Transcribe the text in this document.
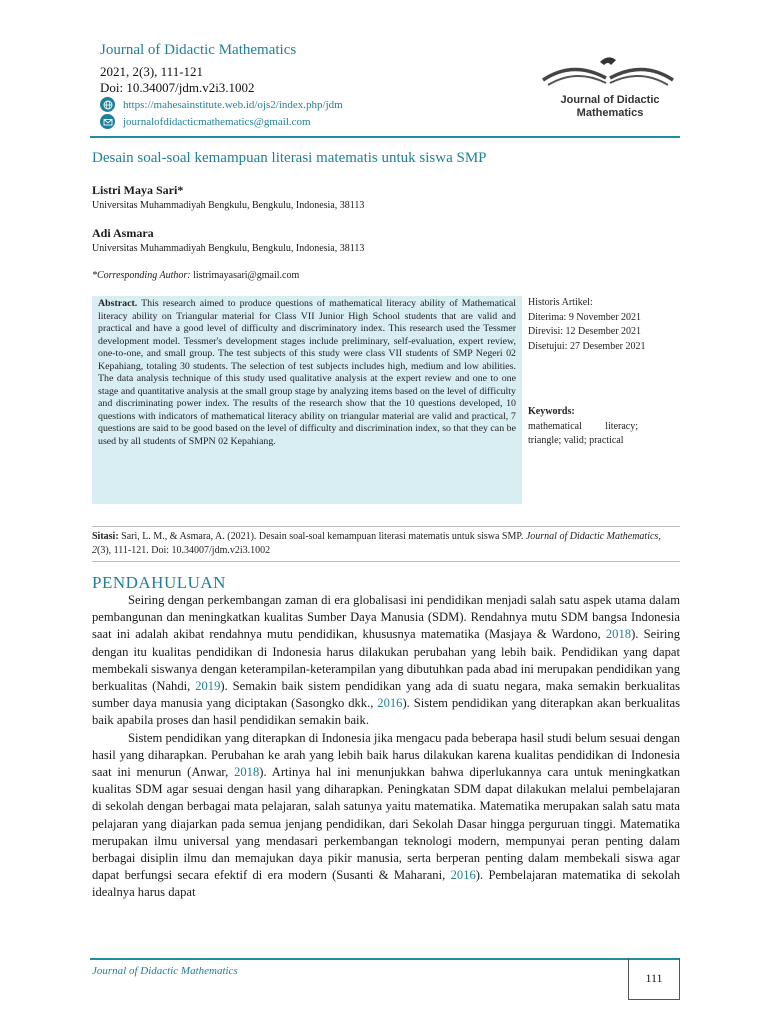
Journal of Didactic Mathematics
2021, 2(3), 111-121
Doi: 10.34007/jdm.v2i3.1002
https://mahesainstitute.web.id/ojs2/index.php/jdm
journalofdidacticmathematics@gmail.com
Journal of Didactic
Mathematics
Desain soal-soal kemampuan literasi matematis untuk siswa SMP
Listri Maya Sari*
Universitas Muhammadiyah Bengkulu, Bengkulu, Indonesia, 38113
Adi Asmara
Universitas Muhammadiyah Bengkulu, Bengkulu, Indonesia, 38113
*Corresponding Author: listrimayasari@gmail.com
Abstract. This research aimed to produce questions of mathematical literacy ability of Mathematical literacy ability on Triangular material for Class VII Junior High School students that are valid and practical and have a good level of difficulty and discriminatory index. This research used the Tessmer development model. Tessmer's development stages include preliminary, self-evaluation, expert review, one-to-one, and small group. The test subjects of this study were class VII students of SMP Negeri 02 Kepahiang, totaling 30 students. The selection of test subjects includes high, medium and low abilities. The data analysis technique of this study used qualitative analysis at the expert review and one to one stage and quantitative analysis at the small group stage by analyzing items based on the level of difficulty and discriminating power index. The results of the research show that the 10 questions developed, 10 questions with indicators of mathematical literacy ability on triangular material are valid and practical, 7 questions are said to be good based on the level of difficulty and discrimination index, so that they can be used by all students of SMPN 02 Kepahiang.
Historis Artikel:
Diterima: 9 November 2021
Direvisi: 12 Desember 2021
Disetujui: 27 Desember 2021
Keywords:
mathematical literacy; triangle; valid; practical
Sitasi: Sari, L. M., & Asmara, A. (2021). Desain soal-soal kemampuan literasi matematis untuk siswa SMP. Journal of Didactic Mathematics, 2(3), 111-121. Doi: 10.34007/jdm.v2i3.1002
PENDAHULUAN

Seiring dengan perkembangan zaman di era globalisasi ini pendidikan menjadi salah satu aspek utama dalam pembangunan dan meningkatkan kualitas Sumber Daya Manusia (SDM). Rendahnya mutu SDM bangsa Indonesia saat ini adalah akibat rendahnya mutu pendidikan, khususnya matematika (Masjaya & Wardono, 2018). Seiring dengan itu kualitas pendidikan di Indonesia harus dilakukan perubahan yang lebih baik. Pendidikan yang dapat membekali siswanya dengan keterampilan-keterampilan yang dibutuhkan pada abad ini merupakan pendidikan yang berkualitas (Nahdi, 2019). Semakin baik sistem pendidikan yang ada di suatu negara, maka semakin berkualitas sumber daya manusia yang diciptakan (Sasongko dkk., 2016). Sistem pendidikan yang diterapkan akan berkualitas baik apabila proses dan hasil pendidikan semakin baik.

Sistem pendidikan yang diterapkan di Indonesia jika mengacu pada beberapa hasil studi belum sesuai dengan hasil yang diharapkan. Perubahan ke arah yang lebih baik harus dilakukan karena kualitas pendidikan di Indonesia saat ini menurun (Anwar, 2018). Artinya hal ini menunjukkan bahwa diperlukannya cara untuk meningkatkan kualitas SDM agar sesuai dengan hasil yang diharapkan. Peningkatan SDM dapat dilakukan melalui pembelajaran di sekolah dengan berbagai mata pelajaran, salah satunya yaitu matematika. Matematika merupakan salah satu mata pelajaran yang diajarkan pada semua jenjang pendidikan, dari Sekolah Dasar hingga perguruan tinggi. Matematika merupakan ilmu universal yang mendasari perkembangan teknologi modern, mempunyai peran penting dalam berbagai disiplin ilmu dan memajukan daya pikir manusia, serta berperan penting dalam membekali siswa agar dapat berfungsi secara efektif di era modern (Susanti & Maharani, 2016). Pembelajaran matematika di sekolah idealnya harus dapat

Journal of Didactic Mathematics	111
